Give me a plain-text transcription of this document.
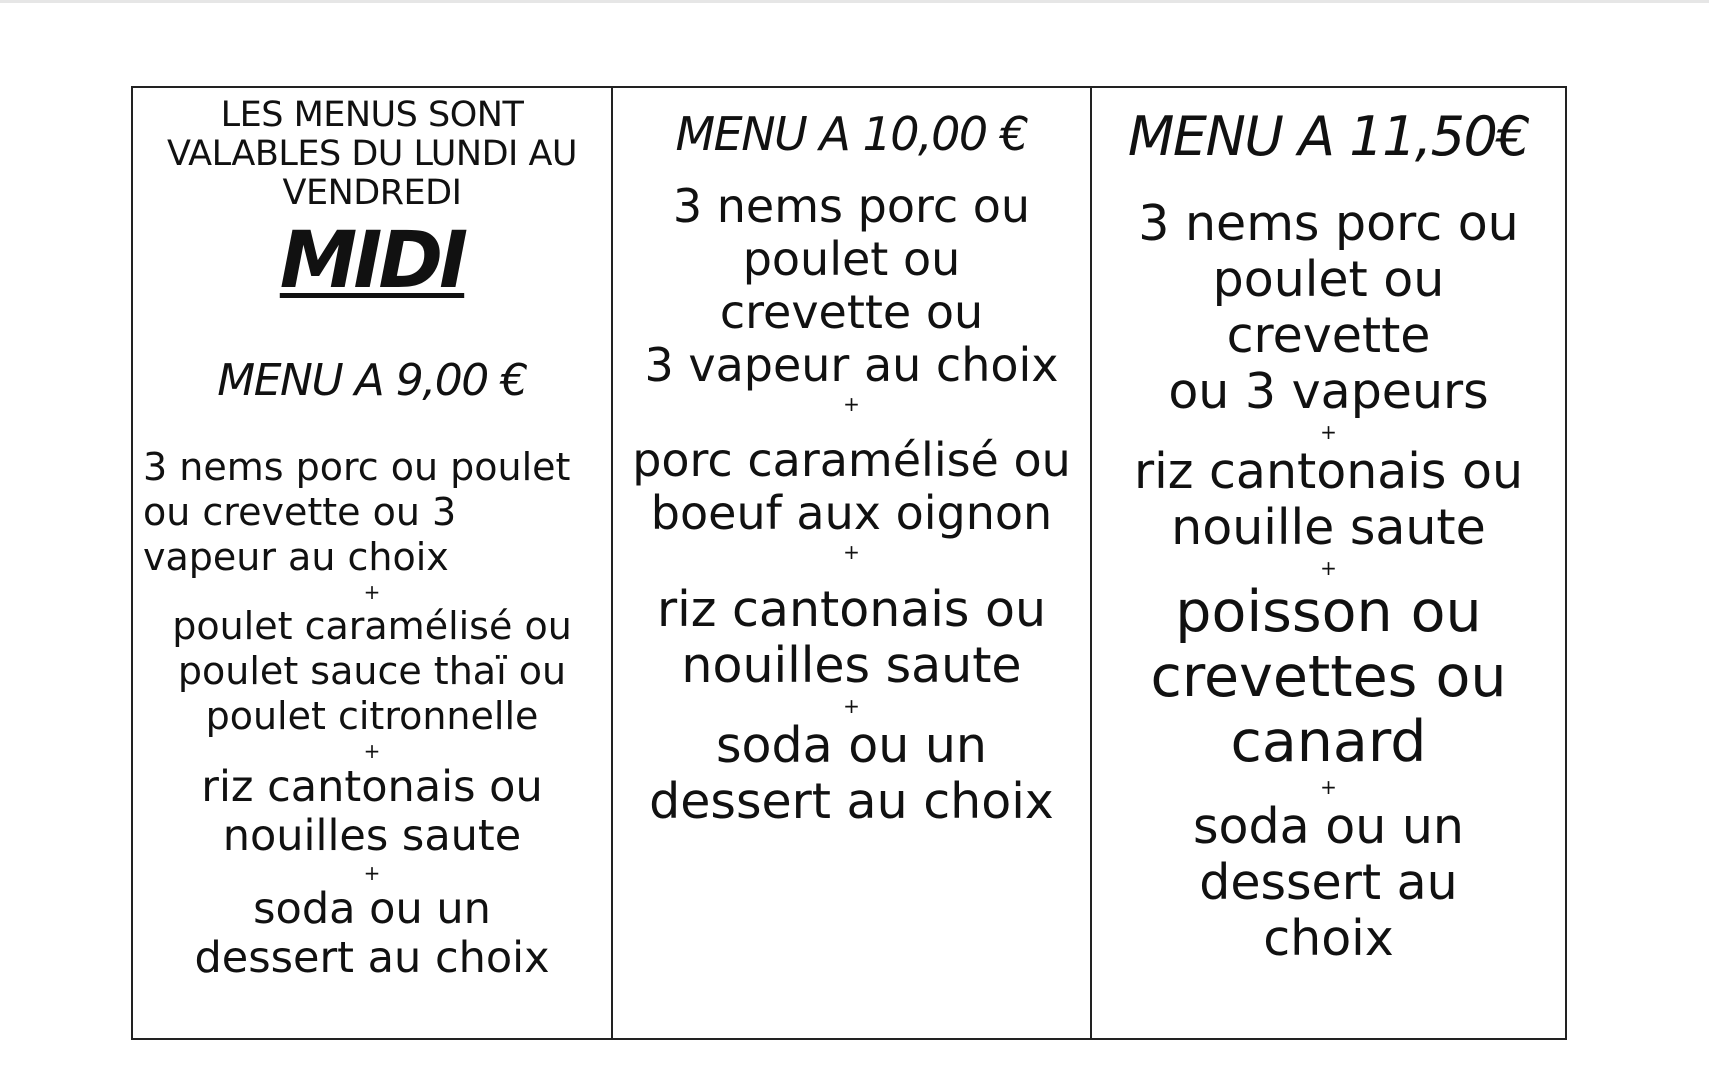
LES MENUS SONT
VALABLES DU LUNDI AU
VENDREDI
MIDI
MENU A 9,00 €
3 nems porc ou poulet
ou crevette ou 3
vapeur au choix
+
poulet caramélisé ou
poulet sauce thaï ou
poulet citronnelle
+
riz cantonais ou
nouilles saute
+
soda ou un
dessert au choix
MENU A 10,00 €
3 nems porc ou
poulet ou
crevette ou
3 vapeur au choix
+
porc caramélisé ou
boeuf aux oignon
+
riz cantonais ou
nouilles saute
+
soda ou un
dessert au choix
MENU A 11,50€
3 nems porc ou
poulet ou
crevette
ou 3 vapeurs
+
riz cantonais ou
nouille saute
+
poisson ou
crevettes ou
canard
+
soda ou un
dessert au
choix
